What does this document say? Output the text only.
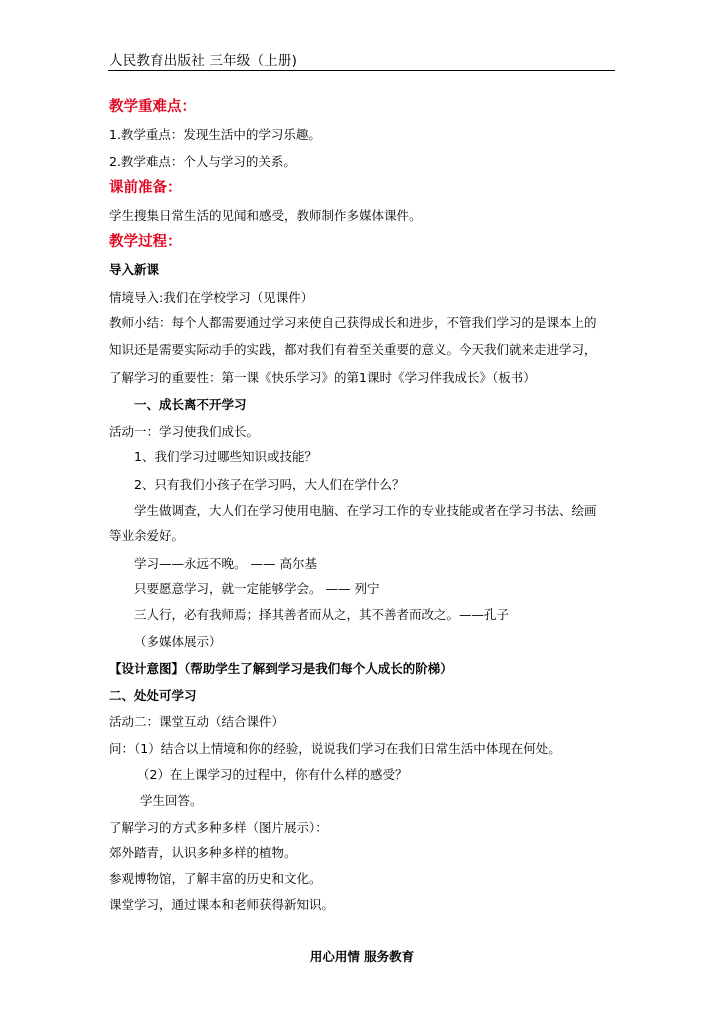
人民教育出版社 三年级（上册)
教学重难点：
1.教学重点：发现生活中的学习乐趣。
2.教学难点：个人与学习的关系。
课前准备：
学生搜集日常生活的见闻和感受，教师制作多媒体课件。
教学过程：
导入新课
情境导入:我们在学校学习（见课件）
教师小结：每个人都需要通过学习来使自己获得成长和进步，不管我们学习的是课本上的
知识还是需要实际动手的实践，都对我们有着至关重要的意义。今天我们就来走进学习，
了解学习的重要性：第一课《快乐学习》的第1课时《学习伴我成长》（板书）
一、成长离不开学习
活动一：学习使我们成长。
1、我们学习过哪些知识或技能？
2、只有我们小孩子在学习吗，大人们在学什么？
学生做调查，大人们在学习使用电脑、在学习工作的专业技能或者在学习书法、绘画
等业余爱好。
学习——永远不晚。 —— 高尔基
只要愿意学习，就一定能够学会。 —— 列宁
三人行，必有我师焉；择其善者而从之，其不善者而改之。——孔子
（多媒体展示）
【设计意图】（帮助学生了解到学习是我们每个人成长的阶梯）
二、处处可学习
活动二：课堂互动（结合课件）
问：（1）结合以上情境和你的经验，说说我们学习在我们日常生活中体现在何处。
（2）在上课学习的过程中，你有什么样的感受？
学生回答。
了解学习的方式多种多样（图片展示）：
郊外踏青，认识多种多样的植物。
参观博物馆，了解丰富的历史和文化。
课堂学习，通过课本和老师获得新知识。
用心用情 服务教育
